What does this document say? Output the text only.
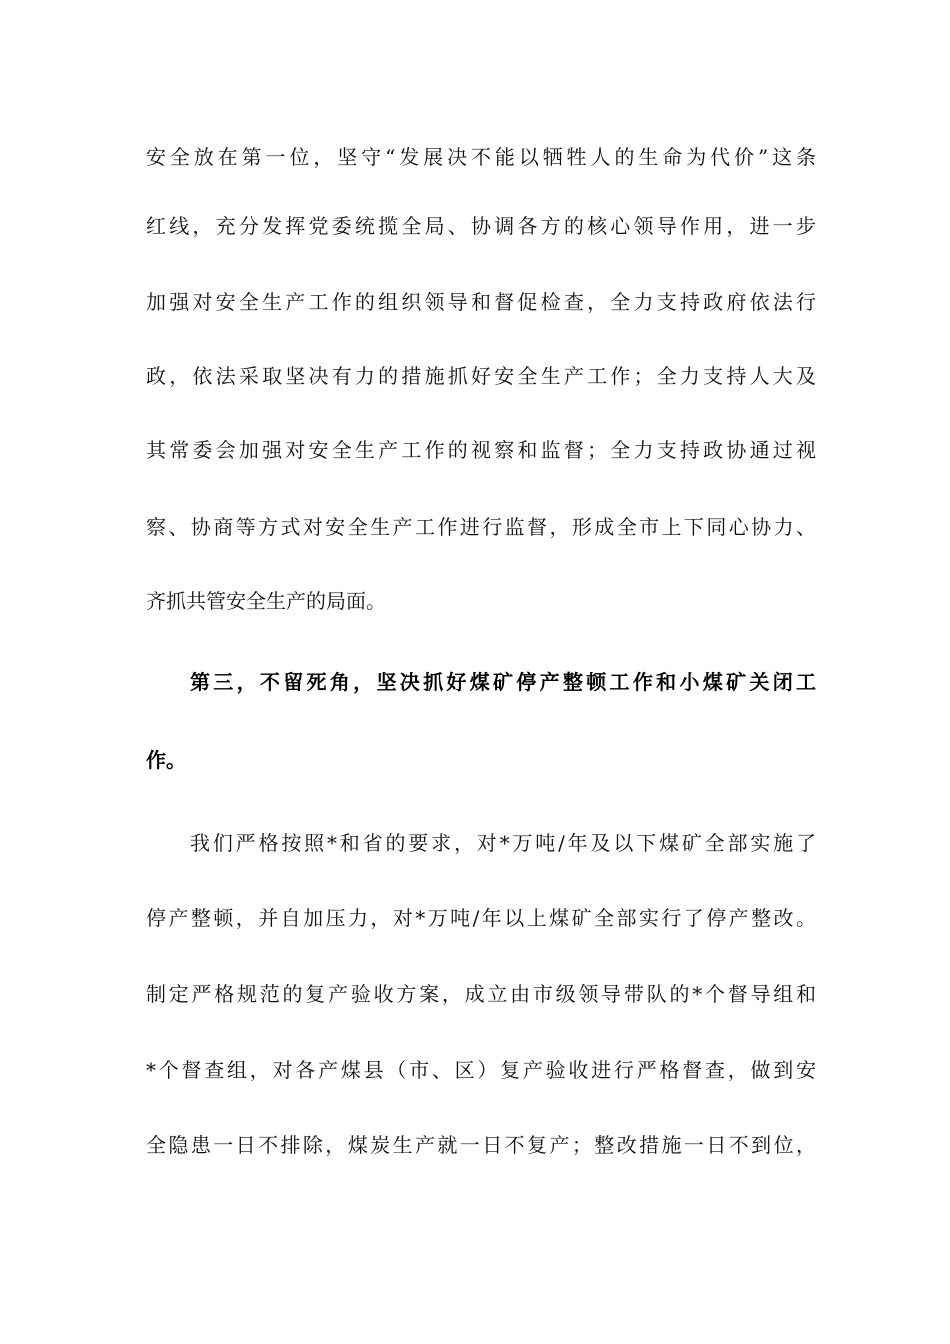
安全放在第一位，坚守“发展决不能以牺牲人的生命为代价”这条
红线，充分发挥党委统揽全局、协调各方的核心领导作用，进一步
加强对安全生产工作的组织领导和督促检查，全力支持政府依法行
政，依法采取坚决有力的措施抓好安全生产工作；全力支持人大及
其常委会加强对安全生产工作的视察和监督；全力支持政协通过视
察、协商等方式对安全生产工作进行监督，形成全市上下同心协力、
齐抓共管安全生产的局面。
第三，不留死角，坚决抓好煤矿停产整顿工作和小煤矿关闭工
作。
我们严格按照*和省的要求，对*万吨/年及以下煤矿全部实施了
停产整顿，并自加压力，对*万吨/年以上煤矿全部实行了停产整改。
制定严格规范的复产验收方案，成立由市级领导带队的*个督导组和
*个督查组，对各产煤县（市、区）复产验收进行严格督查，做到安
全隐患一日不排除，煤炭生产就一日不复产；整改措施一日不到位，
